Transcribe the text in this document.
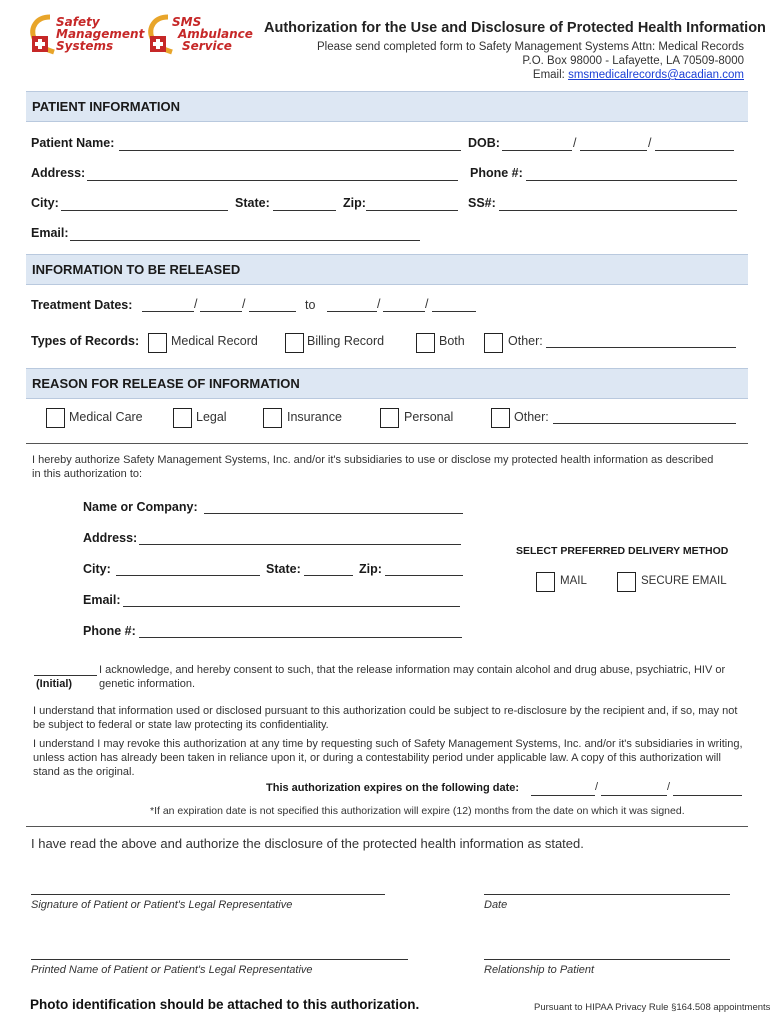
Safety
Management
Systems
SMS
Ambulance
Service
Authorization for the Use and Disclosure of Protected Health Information
Please send completed form to Safety Management Systems Attn: Medical Records
P.O. Box 98000 - Lafayette, LA 70509-8000
Email: smsmedicalrecords@acadian.com
PATIENT INFORMATION
Patient Name:	DOB:	/	/
Address:	Phone #:
City:	State:	Zip:	SS#:
Email:
INFORMATION TO BE RELEASED
Treatment Dates:	/	/	to	/	/
Types of Records:	Medical Record	Billing Record	Both	Other:
REASON FOR RELEASE OF INFORMATION
Medical Care	Legal	Insurance	Personal	Other:
I hereby authorize Safety Management Systems, Inc. and/or it's subsidiaries to use or disclose my protected health information as described in this authorization to:
Name or Company:
Address:
City:	State:	Zip:
Email:
Phone #:
SELECT PREFERRED DELIVERY METHOD
MAIL	SECURE EMAIL
(Initial)
I acknowledge, and hereby consent to such, that the release information may contain alcohol and drug abuse, psychiatric, HIV or genetic information.
I understand that information used or disclosed pursuant to this authorization could be subject to re-disclosure by the recipient and, if so, may not be subject to federal or state law protecting its confidentiality.
I understand I may revoke this authorization at any time by requesting such of Safety Management Systems, Inc. and/or it's subsidiaries in writing, unless action has already been taken in reliance upon it, or during a contestability period under applicable law. A copy of this authorization will stand as the original.
This authorization expires on the following date:	/	/
*If an expiration date is not specified this authorization will expire (12) months from the date on which it was signed.
I have read the above and authorize the disclosure of the protected health information as stated.
Signature of Patient or Patient's Legal Representative	Date
Printed Name of Patient or Patient's Legal Representative	Relationship to Patient
Photo identification should be attached to this authorization.	Pursuant to HIPAA Privacy Rule §164.508 appointments
